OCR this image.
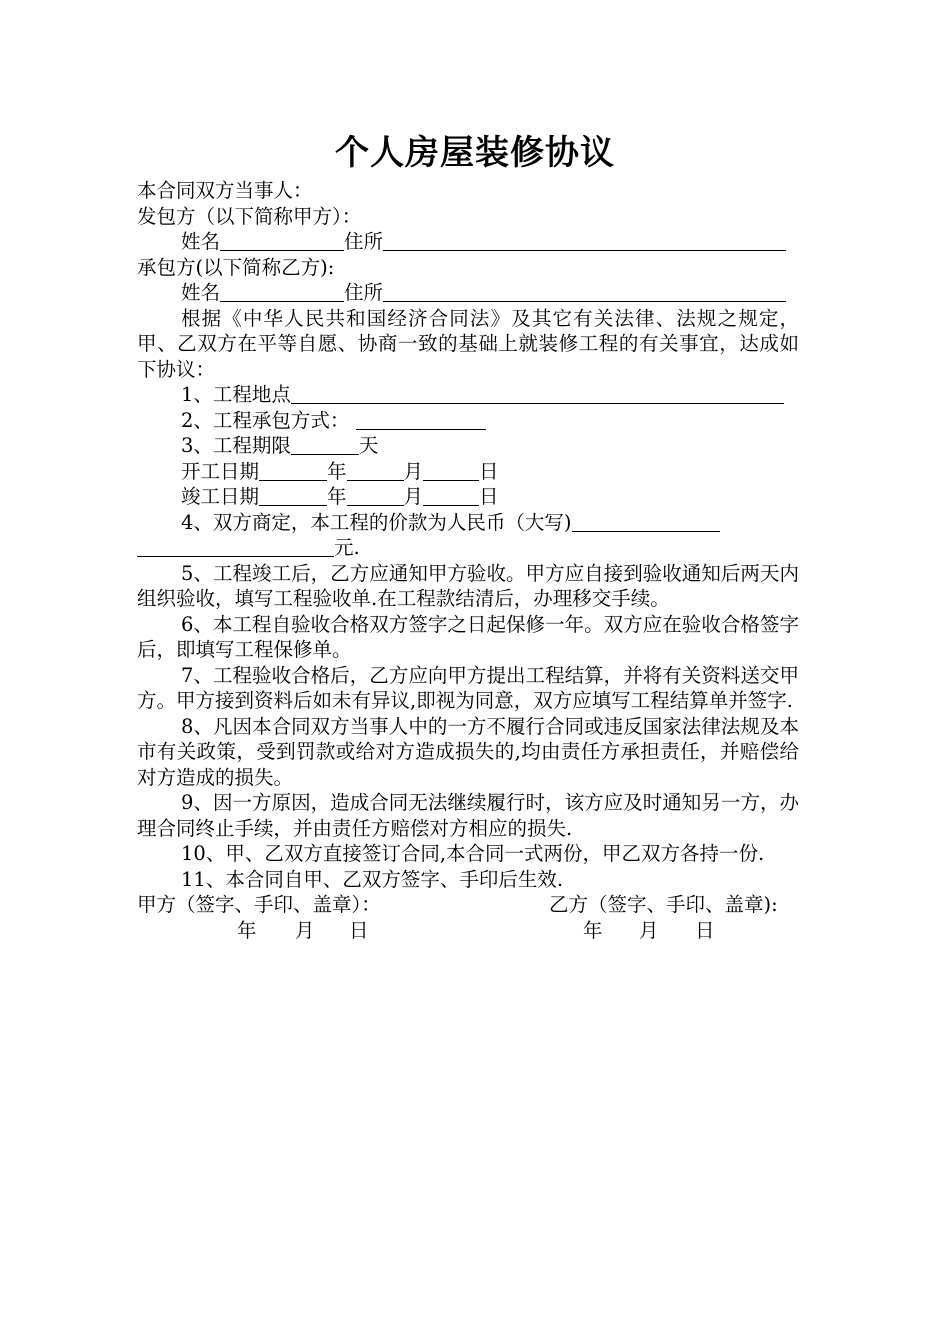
个人房屋装修协议
本合同双方当事人：
发包方（以下简称甲方）：
姓名	住所
承包方(以下简称乙方):
姓名	住所
根据《中华人民共和国经济合同法》及其它有关法律、法规之规定，甲、乙双方在平等自愿、协商一致的基础上就装修工程的有关事宜，达成如下协议：
1、工程地点
2、工程承包方式：
3、工程期限	天
开工日期	年	月	日
竣工日期	年	月	日
4、双方商定，本工程的价款为人民币（大写)
元.
5、工程竣工后，乙方应通知甲方验收。甲方应自接到验收通知后两天内组织验收，填写工程验收单.在工程款结清后，办理移交手续。
6、本工程自验收合格双方签字之日起保修一年。双方应在验收合格签字后，即填写工程保修单。
7、工程验收合格后，乙方应向甲方提出工程结算，并将有关资料送交甲方。甲方接到资料后如未有异议,即视为同意，双方应填写工程结算单并签字.
8、凡因本合同双方当事人中的一方不履行合同或违反国家法律法规及本市有关政策，受到罚款或给对方造成损失的,均由责任方承担责任，并赔偿给对方造成的损失。
9、因一方原因，造成合同无法继续履行时，该方应及时通知另一方，办理合同终止手续，并由责任方赔偿对方相应的损失.
10、甲、乙双方直接签订合同,本合同一式两份，甲乙双方各持一份.
11、本合同自甲、乙双方签字、手印后生效.
甲方（签字、手印、盖章）：	乙方（签字、手印、盖章):
年 月 日	年 月 日
